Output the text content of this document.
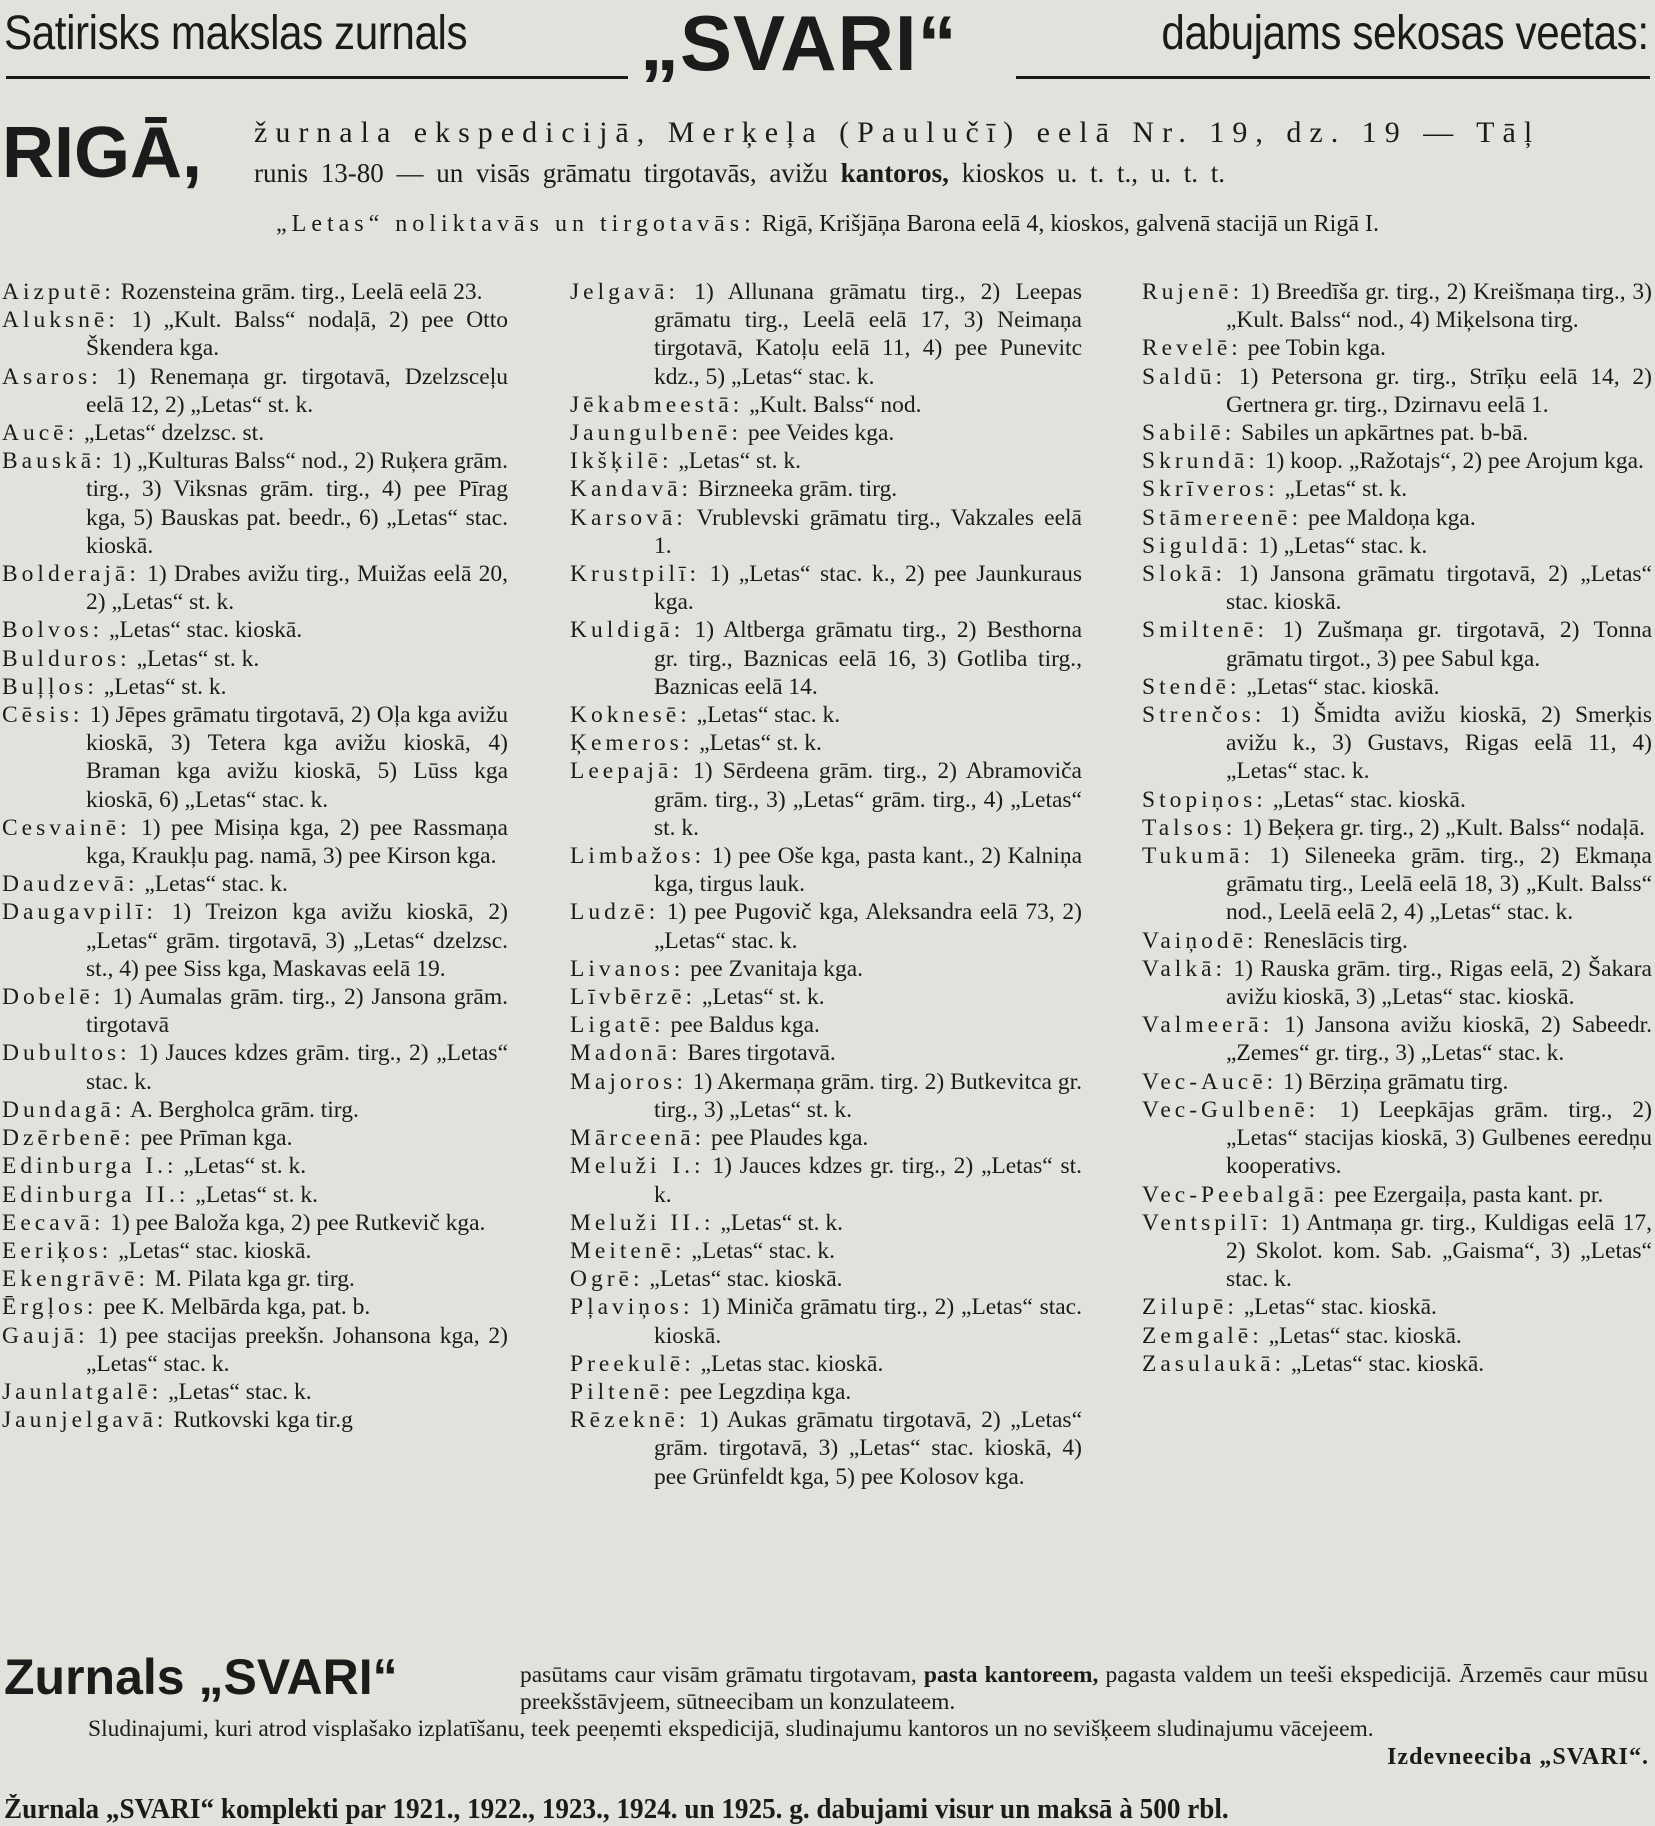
Satirisks makslas zurnals „SVARI“	dabujams sekosas veetas:
RIGĀ, žurnala ekspedicijā, Merķeļa (Paulučī) eelā Nr. 19, dz. 19 — Tāļ
runis 13-80 — un visās grāmatu tirgotavās, avižu kantoros, kioskos u. t. t., u. t. t.
„Letas“ noliktavās un tirgotavās: Rigā, Krišjāņa Barona eelā 4, kioskos, galvenā stacijā un Rigā I.
Aizputē: Rozensteina grām. tirg., Leelā eelā 23.
Aluksnē: 1) „Kult. Balss“ nodaļā, 2) pee Otto Škendera kga.
Asaros: 1) Renemaņa gr. tirgotavā, Dzelzsceļu eelā 12, 2) „Letas“ st. k.
Aucē: „Letas“ dzelzsc. st.
Bauskā: 1) „Kulturas Balss“ nod., 2) Ruķera grām. tirg., 3) Viksnas grām. tirg., 4) pee Pīrag kga, 5) Bauskas pat. beedr., 6) „Letas“ stac. kioskā.
Bolderajā: 1) Drabes avižu tirg., Muižas eelā 20, 2) „Letas“ st. k.
Bolvos: „Letas“ stac. kioskā.
Bulduros: „Letas“ st. k.
Buļļos: „Letas“ st. k.
Cēsis: 1) Jēpes grāmatu tirgotavā, 2) Oļa kga avižu kioskā, 3) Tetera kga avižu kioskā, 4) Braman kga avižu kioskā, 5) Lūss kga kioskā, 6) „Letas“ stac. k.
Cesvainē: 1) pee Misiņa kga, 2) pee Rassmaņa kga, Kraukļu pag. namā, 3) pee Kirson kga.
Daudzevā: „Letas“ stac. k.
Daugavpilī: 1) Treizon kga avižu kioskā, 2) „Letas“ grām. tirgotavā, 3) „Letas“ dzelzsc. st., 4) pee Siss kga, Maskavas eelā 19.
Dobelē: 1) Aumalas grām. tirg., 2) Jansona grām. tirgotavā
Dubultos: 1) Jauces kdzes grām. tirg., 2) „Letas“ stac. k.
Dundagā: A. Bergholca grām. tirg.
Dzērbenē: pee Prīman kga.
Edinburga I.: „Letas“ st. k.
Edinburga II.: „Letas“ st. k.
Eecavā: 1) pee Baloža kga, 2) pee Rutkevič kga.
Eeriķos: „Letas“ stac. kioskā.
Ekengrāvē: M. Pilata kga gr. tirg.
Ērgļos: pee K. Melbārda kga, pat. b.
Gaujā: 1) pee stacijas preekšn. Johansona kga, 2) „Letas“ stac. k.
Jaunlatgalē: „Letas“ stac. k.
Jaunjelgavā: Rutkovski kga tir.g
Jelgavā: 1) Allunana grāmatu tirg., 2) Leepas grāmatu tirg., Leelā eelā 17, 3) Neimaņa tirgotavā, Katoļu eelā 11, 4) pee Punevitc kdz., 5) „Letas“ stac. k.
Jēkabmeestā: „Kult. Balss“ nod.
Jaungulbenē: pee Veides kga.
Ikšķilē: „Letas“ st. k.
Kandavā: Birzneeka grām. tirg.
Karsovā: Vrublevski grāmatu tirg., Vakzales eelā 1.
Krustpilī: 1) „Letas“ stac. k., 2) pee Jaunkuraus kga.
Kuldigā: 1) Altberga grāmatu tirg., 2) Besthorna gr. tirg., Baznicas eelā 16, 3) Gotliba tirg., Baznicas eelā 14.
Koknesē: „Letas“ stac. k.
Ķemeros: „Letas“ st. k.
Leepajā: 1) Sērdeena grām. tirg., 2) Abramoviča grām. tirg., 3) „Letas“ grām. tirg., 4) „Letas“ st. k.
Limbažos: 1) pee Oše kga, pasta kant., 2) Kalniņa kga, tirgus lauk.
Ludzē: 1) pee Pugovič kga, Aleksandra eelā 73, 2) „Letas“ stac. k.
Livanos: pee Zvanitaja kga.
Līvbērzē: „Letas“ st. k.
Ligatē: pee Baldus kga.
Madonā: Bares tirgotavā.
Majoros: 1) Akermaņa grām. tirg. 2) Butkevitca gr. tirg., 3) „Letas“ st. k.
Mārceenā: pee Plaudes kga.
Meluži I.: 1) Jauces kdzes gr. tirg., 2) „Letas“ st. k.
Meluži II.: „Letas“ st. k.
Meitenē: „Letas“ stac. k.
Ogrē: „Letas“ stac. kioskā.
Pļaviņos: 1) Miniča grāmatu tirg., 2) „Letas“ stac. kioskā.
Preekulē: „Letas stac. kioskā.
Piltenē: pee Legzdiņa kga.
Rēzeknē: 1) Aukas grāmatu tirgotavā, 2) „Letas“ grām. tirgotavā, 3) „Letas“ stac. kioskā, 4) pee Grünfeldt kga, 5) pee Kolosov kga.
Rujenē: 1) Breedīša gr. tirg., 2) Kreišmaņa tirg., 3) „Kult. Balss“ nod., 4) Miķelsona tirg.
Revelē: pee Tobin kga.
Saldū: 1) Petersona gr. tirg., Strīķu eelā 14, 2) Gertnera gr. tirg., Dzirnavu eelā 1.
Sabilē: Sabiles un apkārtnes pat. b-bā.
Skrundā: 1) koop. „Ražotajs“, 2) pee Arojum kga.
Skrīveros: „Letas“ st. k.
Stāmereenē: pee Maldoņa kga.
Siguldā: 1) „Letas“ stac. k.
Slokā: 1) Jansona grāmatu tirgotavā, 2) „Letas“ stac. kioskā.
Smiltenē: 1) Zušmaņa gr. tirgotavā, 2) Tonna grāmatu tirgot., 3) pee Sabul kga.
Stendē: „Letas“ stac. kioskā.
Strenčos: 1) Šmidta avižu kioskā, 2) Smerķis avižu k., 3) Gustavs, Rigas eelā 11, 4) „Letas“ stac. k.
Stopiņos: „Letas“ stac. kioskā.
Talsos: 1) Beķera gr. tirg., 2) „Kult. Balss“ nodaļā.
Tukumā: 1) Sileneeka grām. tirg., 2) Ekmaņa grāmatu tirg., Leelā eelā 18, 3) „Kult. Balss“ nod., Leelā eelā 2, 4) „Letas“ stac. k.
Vaiņodē: Reneslācis tirg.
Valkā: 1) Rauska grām. tirg., Rigas eelā, 2) Šakara avižu kioskā, 3) „Letas“ stac. kioskā.
Valmeerā: 1) Jansona avižu kioskā, 2) Sabeedr. „Zemes“ gr. tirg., 3) „Letas“ stac. k.
Vec-Aucē: 1) Bērziņa grāmatu tirg.
Vec-Gulbenē: 1) Leepkājas grām. tirg., 2) „Letas“ stacijas kioskā, 3) Gulbenes eeredņu kooperativs.
Vec-Peebalgā: pee Ezergaiļa, pasta kant. pr.
Ventspilī: 1) Antmaņa gr. tirg., Kuldigas eelā 17, 2) Skolot. kom. Sab. „Gaisma“, 3) „Letas“ stac. k.
Zilupē: „Letas“ stac. kioskā.
Zemgalē: „Letas“ stac. kioskā.
Zasulaukā: „Letas“ stac. kioskā.
Zurnals „SVARI“	pasūtams caur visām grāmatu tirgotavam, pasta kantoreem, pagasta valdem un teeši ekspedicijā. Ārzemēs caur mūsu preekšstāvjeem, sūtneecibam un konzulateem.
Sludinajumi, kuri atrod visplašako izplatīšanu, teek peeņemti ekspedicijā, sludinajumu kantoros un no sevišķeem sludinajumu vācejeem.
Izdevneeciba „SVARI“.
Žurnala „SVARI“ komplekti par 1921., 1922., 1923., 1924. un 1925. g. dabujami visur un maksā à 500 rbl.
